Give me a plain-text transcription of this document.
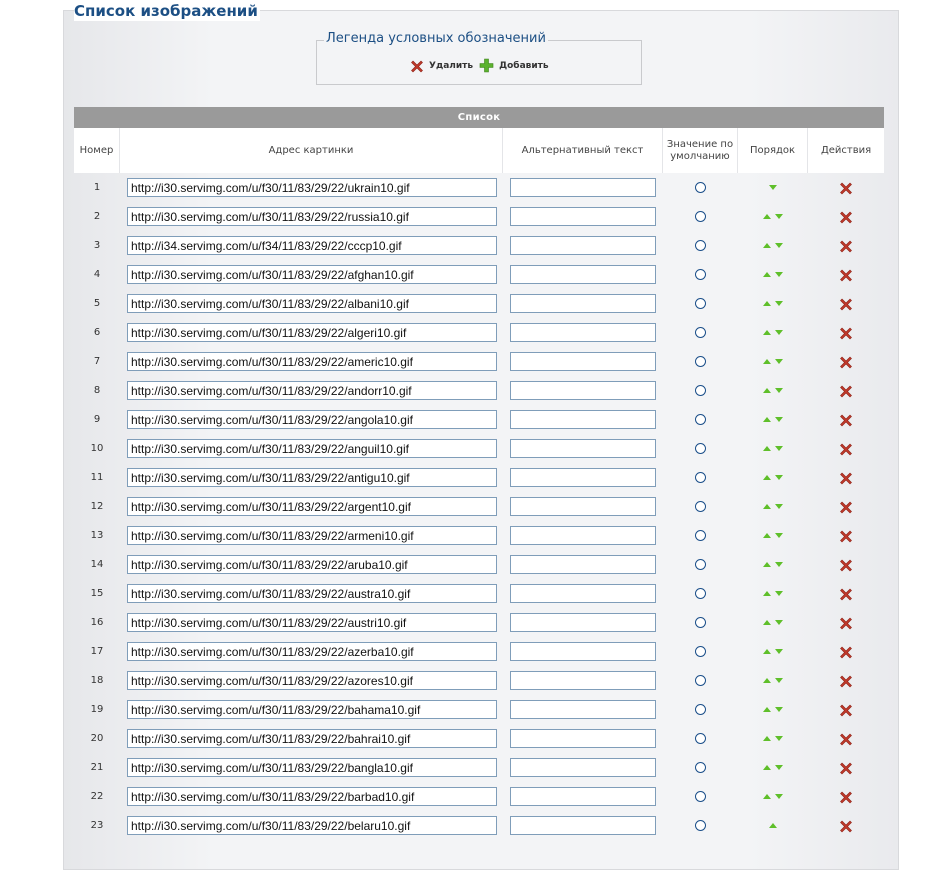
Список изображений
Легенда условных обозначений
Удалить	Добавить
Список					
Номер	Адрес картинки	Альтернативный текст	Значение по умолчанию	Порядок	Действия
1	http://i30.servimg.com/u/f30/11/83/29/22/ukrain10.gif			

2	http://i30.servimg.com/u/f30/11/83/29/22/russia10.gif			

3	http://i34.servimg.com/u/f34/11/83/29/22/cccp10.gif			

4	http://i30.servimg.com/u/f30/11/83/29/22/afghan10.gif			

5	http://i30.servimg.com/u/f30/11/83/29/22/albani10.gif			

6	http://i30.servimg.com/u/f30/11/83/29/22/algeri10.gif			

7	http://i30.servimg.com/u/f30/11/83/29/22/americ10.gif			

8	http://i30.servimg.com/u/f30/11/83/29/22/andorr10.gif			

9	http://i30.servimg.com/u/f30/11/83/29/22/angola10.gif			

10	http://i30.servimg.com/u/f30/11/83/29/22/anguil10.gif			

11	http://i30.servimg.com/u/f30/11/83/29/22/antigu10.gif			

12	http://i30.servimg.com/u/f30/11/83/29/22/argent10.gif			

13	http://i30.servimg.com/u/f30/11/83/29/22/armeni10.gif			

14	http://i30.servimg.com/u/f30/11/83/29/22/aruba10.gif			

15	http://i30.servimg.com/u/f30/11/83/29/22/austra10.gif			

16	http://i30.servimg.com/u/f30/11/83/29/22/austri10.gif			

17	http://i30.servimg.com/u/f30/11/83/29/22/azerba10.gif			

18	http://i30.servimg.com/u/f30/11/83/29/22/azores10.gif			

19	http://i30.servimg.com/u/f30/11/83/29/22/bahama10.gif			

20	http://i30.servimg.com/u/f30/11/83/29/22/bahrai10.gif			

21	http://i30.servimg.com/u/f30/11/83/29/22/bangla10.gif			

22	http://i30.servimg.com/u/f30/11/83/29/22/barbad10.gif			

23	http://i30.servimg.com/u/f30/11/83/29/22/belaru10.gif			
